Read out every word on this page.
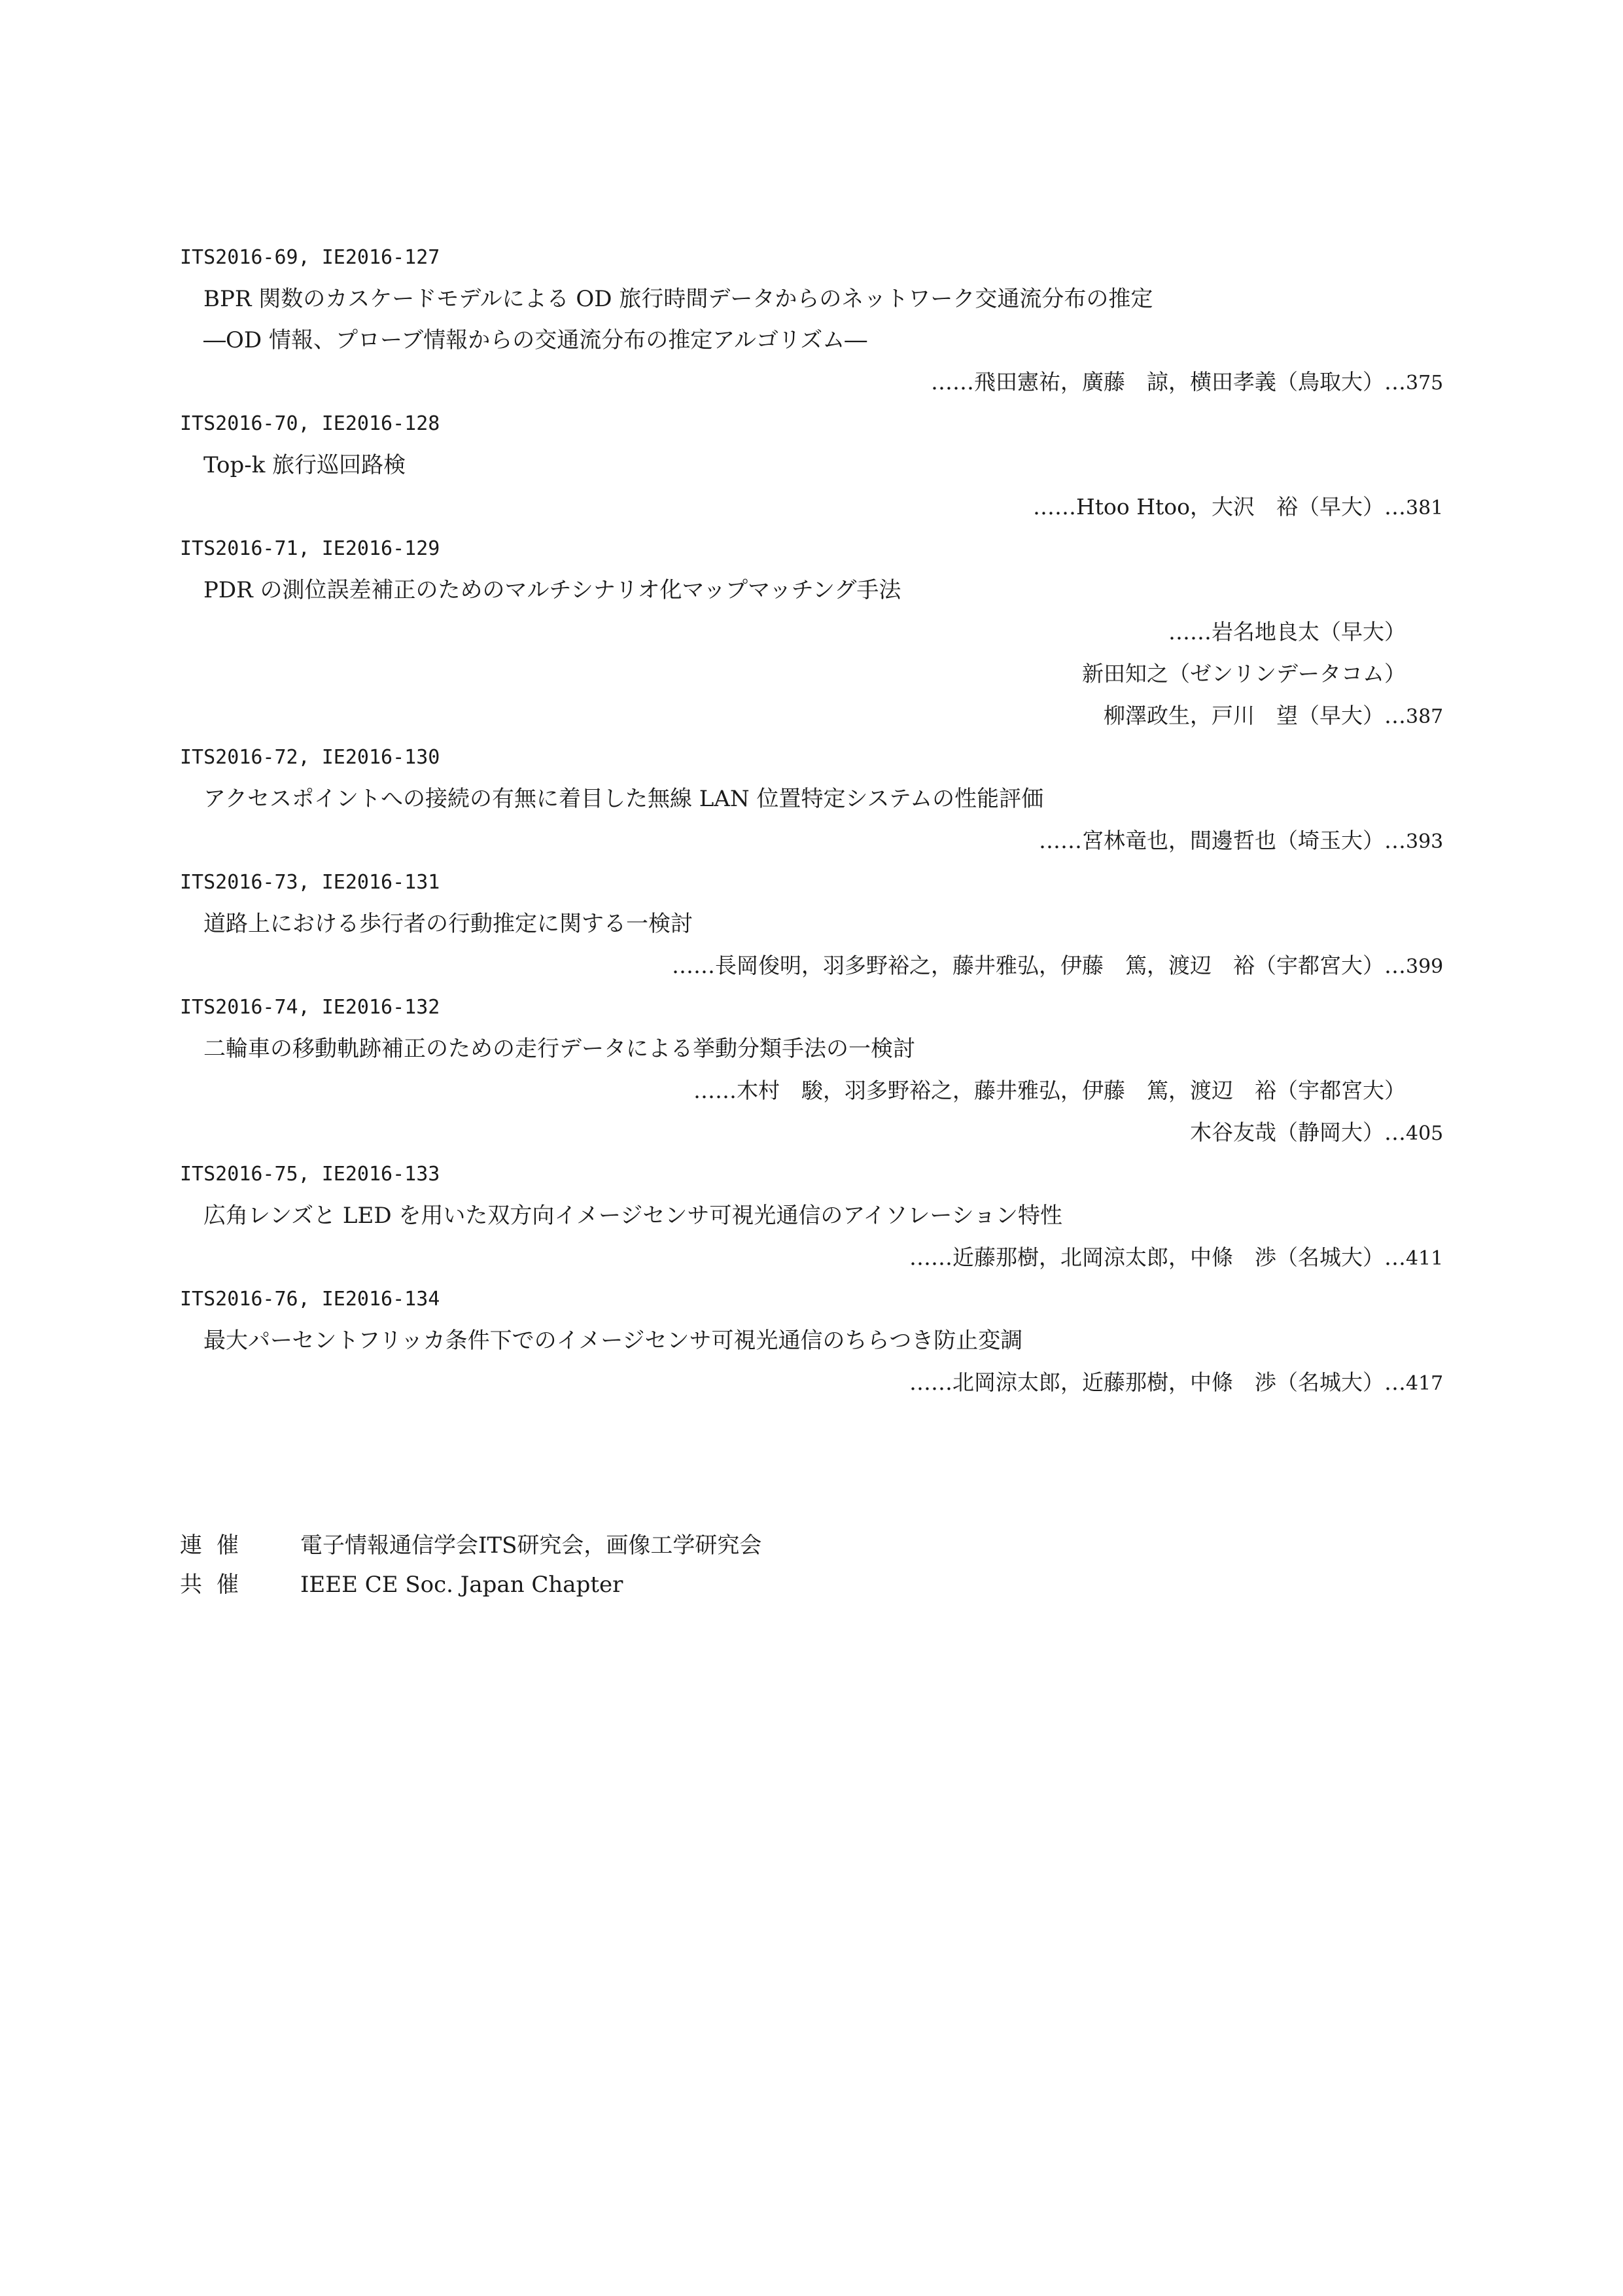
ITS2016-69, IE2016-127
BPR 関数のカスケードモデルによる OD 旅行時間データからのネットワーク交通流分布の推定
―OD 情報、プローブ情報からの交通流分布の推定アルゴリズム―
……飛田憲祐，廣藤　諒，横田孝義（鳥取大）…375
ITS2016-70, IE2016-128
Top-k 旅行巡回路検
……Htoo Htoo，大沢　裕（早大）…381
ITS2016-71, IE2016-129
PDR の測位誤差補正のためのマルチシナリオ化マップマッチング手法
……岩名地良太（早大）
新田知之（ゼンリンデータコム）
柳澤政生，戸川　望（早大）…387
ITS2016-72, IE2016-130
アクセスポイントへの接続の有無に着目した無線 LAN 位置特定システムの性能評価
……宮林竜也，間邊哲也（埼玉大）…393
ITS2016-73, IE2016-131
道路上における歩行者の行動推定に関する一検討
……長岡俊明，羽多野裕之，藤井雅弘，伊藤　篤，渡辺　裕（宇都宮大）…399
ITS2016-74, IE2016-132
二輪車の移動軌跡補正のための走行データによる挙動分類手法の一検討
……木村　駿，羽多野裕之，藤井雅弘，伊藤　篤，渡辺　裕（宇都宮大）
木谷友哉（静岡大）…405
ITS2016-75, IE2016-133
広角レンズと LED を用いた双方向イメージセンサ可視光通信のアイソレーション特性
……近藤那樹，北岡涼太郎，中條　渉（名城大）…411
ITS2016-76, IE2016-134
最大パーセントフリッカ条件下でのイメージセンサ可視光通信のちらつき防止変調
……北岡涼太郎，近藤那樹，中條　渉（名城大）…417
連催 電子情報通信学会ITS研究会，画像工学研究会
共催 IEEE CE Soc. Japan Chapter
